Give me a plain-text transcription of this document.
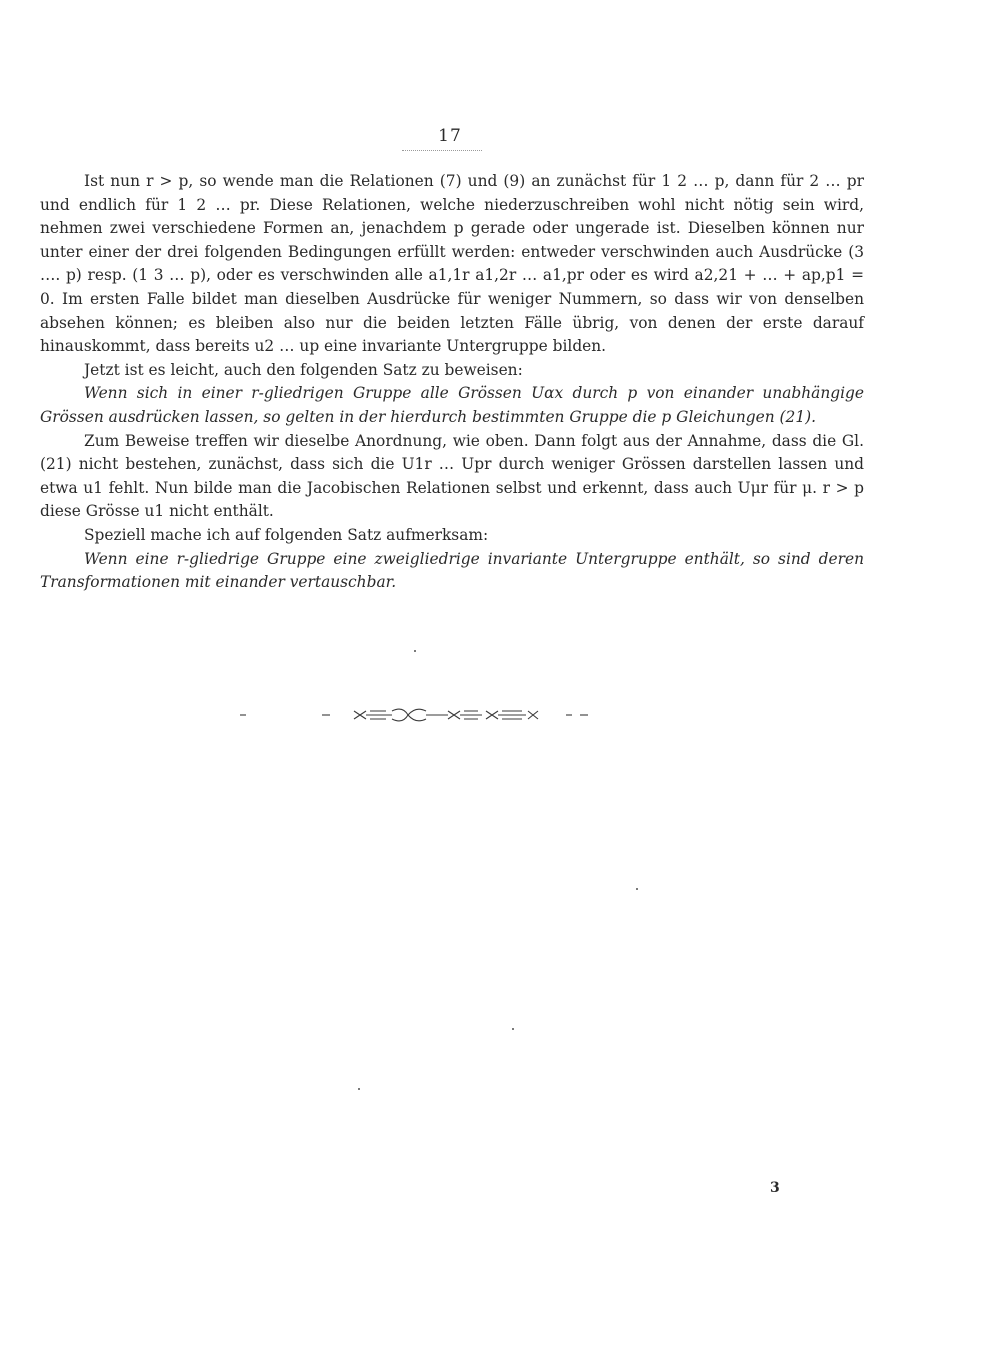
17

Ist nun r > p, so wende man die Relationen (7) und (9) an zunächst für 1 2 … p, dann für 2 … pr und endlich für 1 2 … pr. Diese Relationen, welche niederzuschreiben wohl nicht nötig sein wird, nehmen zwei verschiedene Formen an, jenachdem p gerade oder ungerade ist. Dieselben können nur unter einer der drei folgenden Bedingungen erfüllt werden: entweder verschwinden auch Ausdrücke (3 …. p) resp. (1 3 … p), oder es verschwinden alle a1,1r a1,2r … a1,pr oder es wird a2,21 + … + ap,p1 = 0. Im ersten Falle bildet man dieselben Ausdrücke für weniger Nummern, so dass wir von denselben absehen können; es bleiben also nur die beiden letzten Fälle übrig, von denen der erste darauf hinauskommt, dass bereits u2 … up eine invariante Untergruppe bilden.

Jetzt ist es leicht, auch den folgenden Satz zu beweisen:

Wenn sich in einer r-gliedrigen Gruppe alle Grössen Uαx durch p von einander unabhängige Grössen ausdrücken lassen, so gelten in der hierdurch bestimmten Gruppe die p Gleichungen (21).

Zum Beweise treffen wir dieselbe Anordnung, wie oben. Dann folgt aus der Annahme, dass die Gl. (21) nicht bestehen, zunächst, dass sich die U1r … Upr durch weniger Grössen darstellen lassen und etwa u1 fehlt. Nun bilde man die Jacobischen Relationen selbst und erkennt, dass auch Uμr für μ. r > p diese Grösse u1 nicht enthält.

Speziell mache ich auf folgenden Satz aufmerksam:

Wenn eine r-gliedrige Gruppe eine zweigliedrige invariante Untergruppe enthält, so sind deren Transformationen mit einander vertauschbar.

3
